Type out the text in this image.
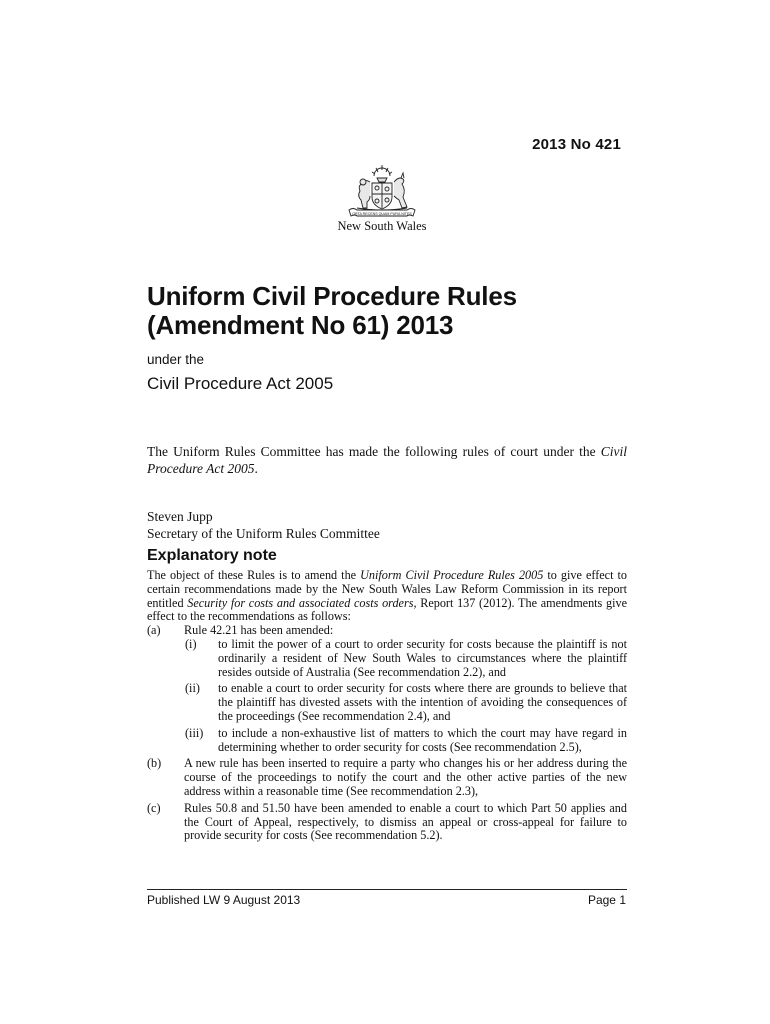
2013 No 421
ORTA RECENS QUAM PURA NITES
New South Wales
Uniform Civil Procedure Rules
(Amendment No 61) 2013
under the
Civil Procedure Act 2005
The Uniform Rules Committee has made the following rules of court under the Civil Procedure Act 2005.
Steven Jupp
Secretary of the Uniform Rules Committee
Explanatory note

The object of these Rules is to amend the Uniform Civil Procedure Rules 2005 to give effect to certain recommendations made by the New South Wales Law Reform Commission in its report entitled Security for costs and associated costs orders, Report 137 (2012). The amendments give effect to the recommendations as follows:

(a) Rule 42.21 has been amended:
(i) to limit the power of a court to order security for costs because the plaintiff is not ordinarily a resident of New South Wales to circumstances where the plaintiff resides outside of Australia (See recommendation 2.2), and
(ii) to enable a court to order security for costs where there are grounds to believe that the plaintiff has divested assets with the intention of avoiding the consequences of the proceedings (See recommendation 2.4), and
(iii) to include a non-exhaustive list of matters to which the court may have regard in determining whether to order security for costs (See recommendation 2.5),
(b) A new rule has been inserted to require a party who changes his or her address during the course of the proceedings to notify the court and the other active parties of the new address within a reasonable time (See recommendation 2.3),
(c) Rules 50.8 and 51.50 have been amended to enable a court to which Part 50 applies and the Court of Appeal, respectively, to dismiss an appeal or cross-appeal for failure to provide security for costs (See recommendation 5.2).
Published LW 9 August 2013	Page 1
